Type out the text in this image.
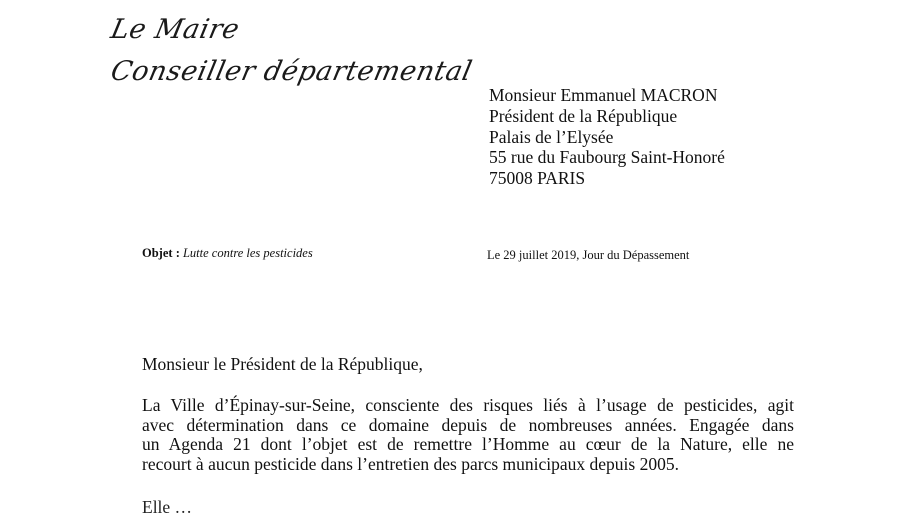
Le Maire
Conseiller départemental
Monsieur Emmanuel MACRON
Président de la République
Palais de l’Elysée
55 rue du Faubourg Saint-Honoré
75008 PARIS
Objet : Lutte contre les pesticides	Le 29 juillet 2019, Jour du Dépassement
Monsieur le Président de la République,
La Ville d’Épinay-sur-Seine, consciente des risques liés à l’usage de pesticides, agit
avec détermination dans ce domaine depuis de nombreuses années. Engagée dans
un Agenda 21 dont l’objet est de remettre l’Homme au cœur de la Nature, elle ne
recourt à aucun pesticide dans l’entretien des parcs municipaux depuis 2005.
Elle …
